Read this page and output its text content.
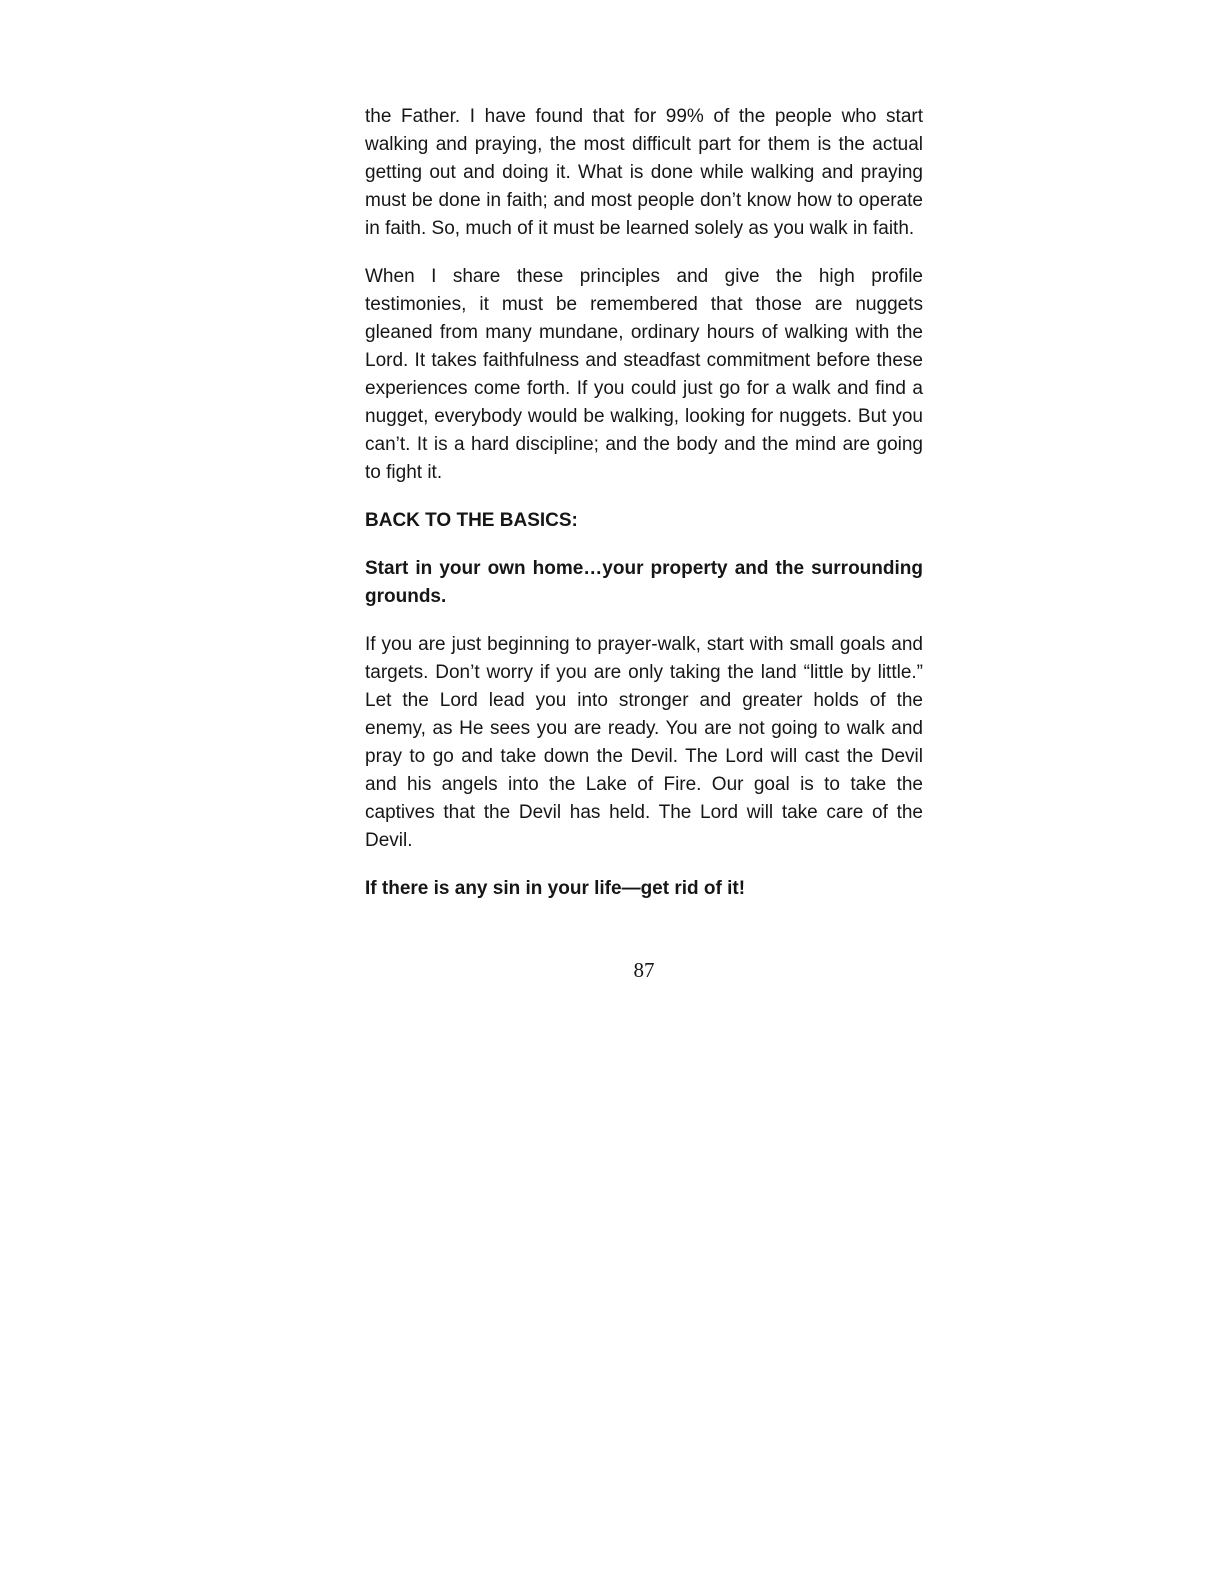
the Father. I have found that for 99% of the people who start walking and praying, the most difficult part for them is the actual getting out and doing it. What is done while walking and praying must be done in faith; and most people don’t know how to operate in faith. So, much of it must be learned solely as you walk in faith.

When I share these principles and give the high profile testimonies, it must be remembered that those are nuggets gleaned from many mundane, ordinary hours of walking with the Lord. It takes faithfulness and steadfast commitment before these experiences come forth. If you could just go for a walk and find a nugget, everybody would be walking, looking for nuggets. But you can’t. It is a hard discipline; and the body and the mind are going to fight it.

BACK TO THE BASICS:

Start in your own home…your property and the surrounding grounds.

If you are just beginning to prayer-walk, start with small goals and targets. Don’t worry if you are only taking the land “little by little.” Let the Lord lead you into stronger and greater holds of the enemy, as He sees you are ready. You are not going to walk and pray to go and take down the Devil. The Lord will cast the Devil and his angels into the Lake of Fire. Our goal is to take the captives that the Devil has held. The Lord will take care of the Devil.

If there is any sin in your life—get rid of it!

87
